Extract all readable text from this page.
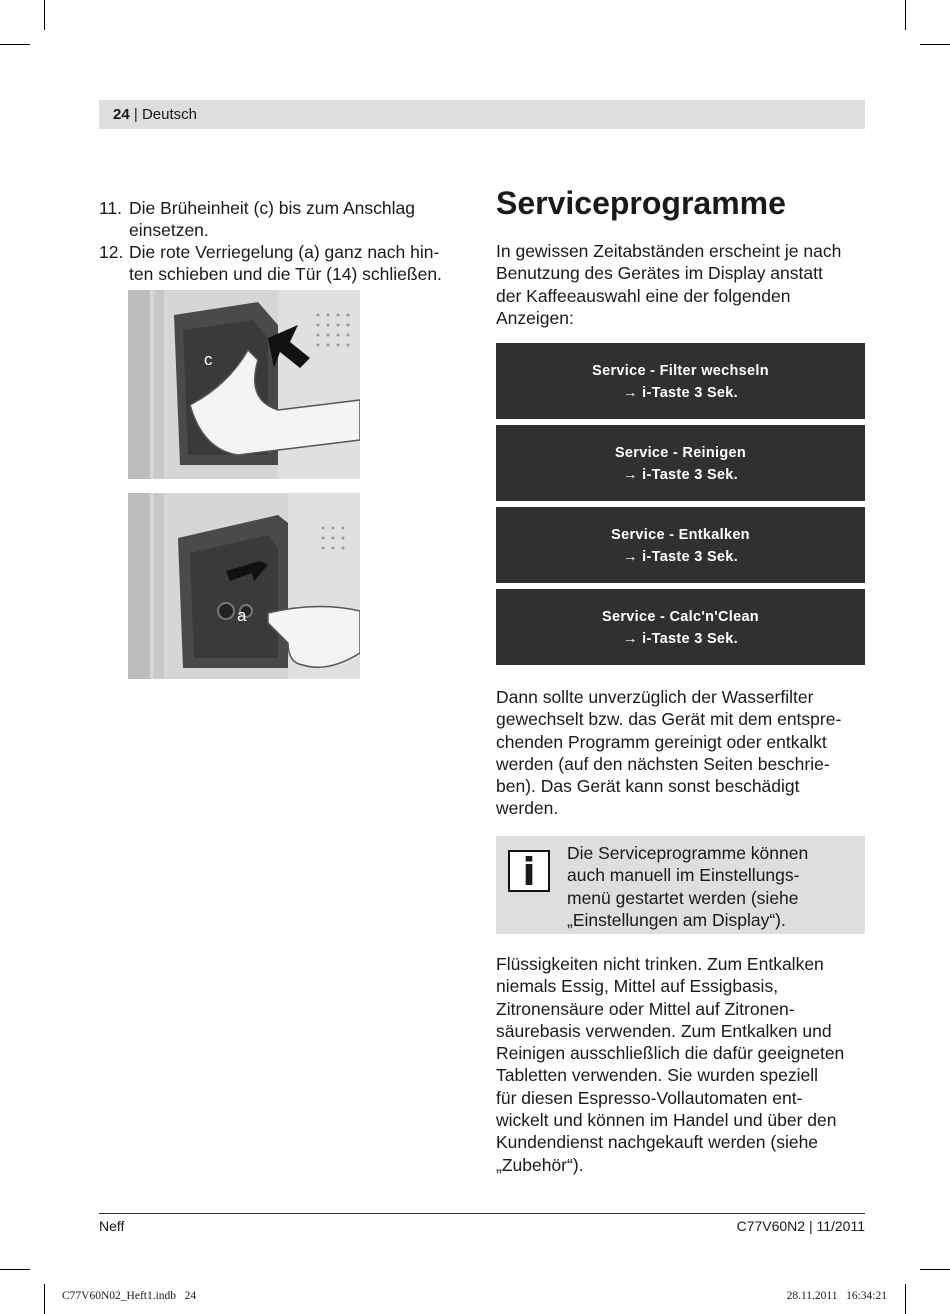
24 | Deutsch
11. Die Brüheinheit (c) bis zum Anschlag
einsetzen.
12. Die rote Verriegelung (a) ganz nach hin-
ten schieben und die Tür (14) schließen.
c
a
Serviceprogramme
In gewissen Zeitabständen erscheint je nach
Benutzung des Gerätes im Display anstatt
der Kaffeeauswahl eine der folgenden
Anzeigen:
Service - Filter wechseln
→ i-Taste 3 Sek.
Service - Reinigen
→ i-Taste 3 Sek.
Service - Entkalken
→ i-Taste 3 Sek.
Service - Calc'n'Clean
→ i-Taste 3 Sek.
Dann sollte unverzüglich der Wasserfilter
gewechselt bzw. das Gerät mit dem entspre-
chenden Programm gereinigt oder entkalkt
werden (auf den nächsten Seiten beschrie-
ben). Das Gerät kann sonst beschädigt
werden.
i	Die Serviceprogramme können
auch manuell im Einstellungs-
menü gestartet werden (siehe
„Einstellungen am Display“).
Flüssigkeiten nicht trinken. Zum Entkalken
niemals Essig, Mittel auf Essigbasis,
Zitronensäure oder Mittel auf Zitronen-
säurebasis verwenden. Zum Entkalken und
Reinigen ausschließlich die dafür geeigneten
Tabletten verwenden. Sie wurden speziell
für diesen Espresso-Vollautomaten ent-
wickelt und können im Handel und über den
Kundendienst nachgekauft werden (siehe
„Zubehör“).
Neff	C77V60N2 | 11/2011
C77V60N02_Heft1.indb   24	28.11.2011   16:34:21
